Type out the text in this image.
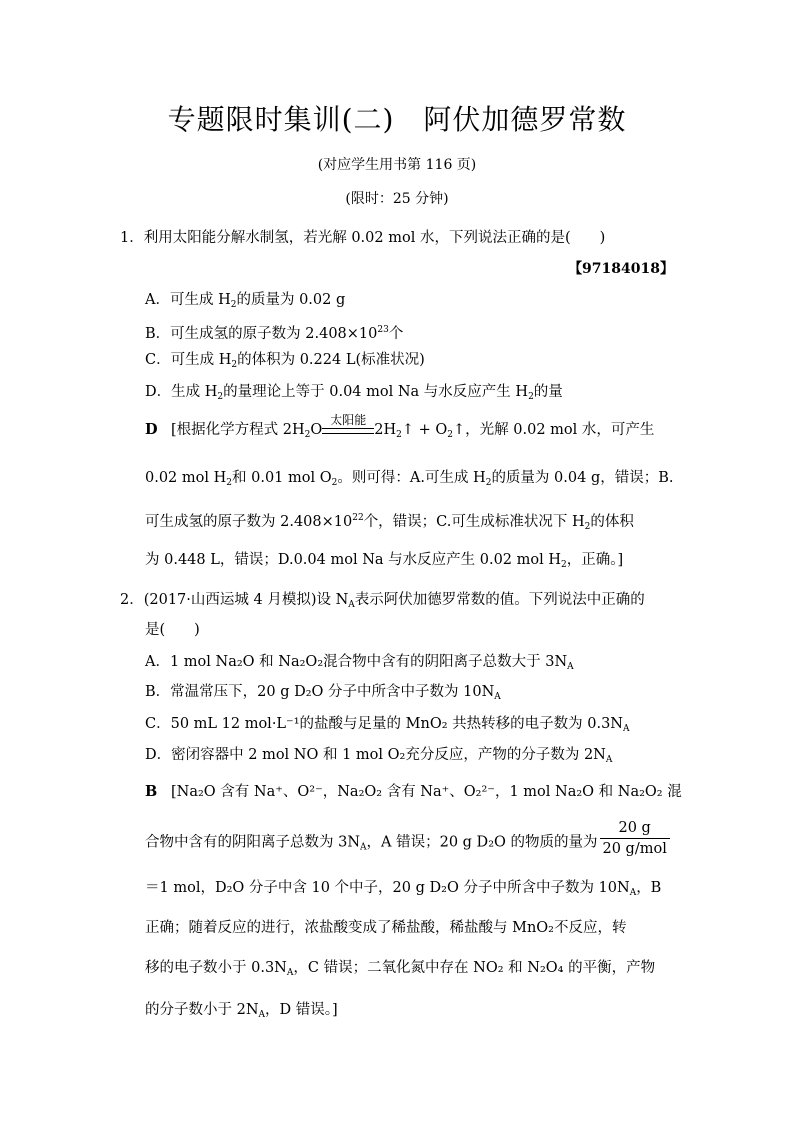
专题限时集训(二)　阿伏加德罗常数
(对应学生用书第 116 页)
(限时：25 分钟)
1．利用太阳能分解水制氢，若光解 0.02 mol 水，下列说法正确的是(　　)
【97184018】
A．可生成 $H_2$的质量为 0.02 g
B．可生成氢的原子数为 $2.408\times 10^{23}$个
C．可生成 $H_2$的体积为 0.224 L(标准状况)
D．生成 $H_2$的量理论上等于 0.04 mol Na 与水反应产生 $H_2$的量
D [根据化学方程式 $2H_2O$
太阳能
$2H_2↑$ + $O_2↑$，光解 0.02 mol 水，可产生
0.02 mol $H_2$和 0.01 mol $O_2$。则可得：A.可生成 $H_2$的质量为 0.04 g，错误；B.
可生成氢的原子数为 $2.408\times 10^{22}$个，错误；C.可生成标准状况下 $H_2$的体积
为 0.448 L，错误；D.0.04 mol Na 与水反应产生 0.02 mol $H_2$，正确。]
2．(2017·山西运城 4 月模拟)设 $N_A$表示阿伏加德罗常数的值。下列说法中正确的
是(　　)
A．1 mol Na₂O 和 Na₂O₂混合物中含有的阴阳离子总数大于 $3N_A$
B．常温常压下，20 g D₂O 分子中所含中子数为 $10N_A$
C．50 mL 12 mol·L⁻¹的盐酸与足量的 MnO₂ 共热转移的电子数为 $0.3N_A$
D．密闭容器中 2 mol NO 和 1 mol O₂充分反应，产物的分子数为 $2N_A$
B [Na₂O 含有 Na⁺、O²⁻，Na₂O₂ 含有 Na⁺、O₂²⁻，1 mol Na₂O 和 Na₂O₂ 混
合物中含有的阴阳离子总数为 $3N_A$，A 错误；20 g D₂O 的物质的量为 $\frac{20 g}{\text{20 g/mol}}$
＝1 mol，D₂O 分子中含 10 个中子，20 g D₂O 分子中所含中子数为 $10N_A$，B
正确；随着反应的进行，浓盐酸变成了稀盐酸，稀盐酸与 MnO₂不反应，转
移的电子数小于 $0.3N_A$，C 错误；二氧化氮中存在 NO₂ 和 N₂O₄ 的平衡，产物
的分子数小于 $2N_A$，D 错误。]
